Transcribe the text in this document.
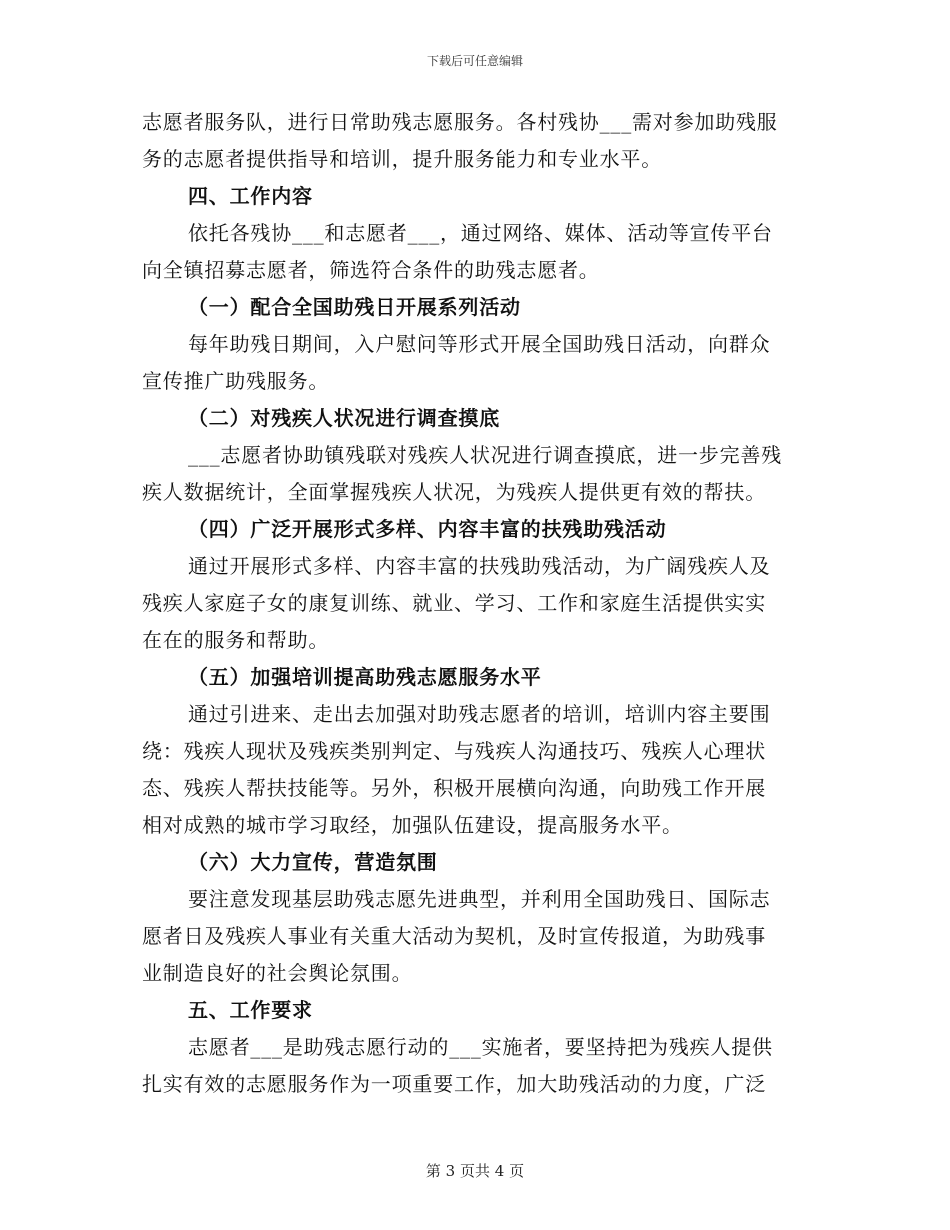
下载后可任意编辑
志愿者服务队，进行日常助残志愿服务。各村残协___需对参加助残服
务的志愿者提供指导和培训，提升服务能力和专业水平。
四、工作内容
依托各残协___和志愿者___，通过网络、媒体、活动等宣传平台
向全镇招募志愿者，筛选符合条件的助残志愿者。
（一）配合全国助残日开展系列活动
每年助残日期间，入户慰问等形式开展全国助残日活动，向群众
宣传推广助残服务。
（二）对残疾人状况进行调查摸底
___志愿者协助镇残联对残疾人状况进行调查摸底，进一步完善残
疾人数据统计，全面掌握残疾人状况，为残疾人提供更有效的帮扶。
（四）广泛开展形式多样、内容丰富的扶残助残活动
通过开展形式多样、内容丰富的扶残助残活动，为广阔残疾人及
残疾人家庭子女的康复训练、就业、学习、工作和家庭生活提供实实
在在的服务和帮助。
（五）加强培训提高助残志愿服务水平
通过引进来、走出去加强对助残志愿者的培训，培训内容主要围
绕：残疾人现状及残疾类别判定、与残疾人沟通技巧、残疾人心理状
态、残疾人帮扶技能等。另外，积极开展横向沟通，向助残工作开展
相对成熟的城市学习取经，加强队伍建设，提高服务水平。
（六）大力宣传，营造氛围
要注意发现基层助残志愿先进典型，并利用全国助残日、国际志
愿者日及残疾人事业有关重大活动为契机，及时宣传报道，为助残事
业制造良好的社会舆论氛围。
五、工作要求
志愿者___是助残志愿行动的___实施者，要坚持把为残疾人提供
扎实有效的志愿服务作为一项重要工作，加大助残活动的力度，广泛
第 3 页共 4 页
